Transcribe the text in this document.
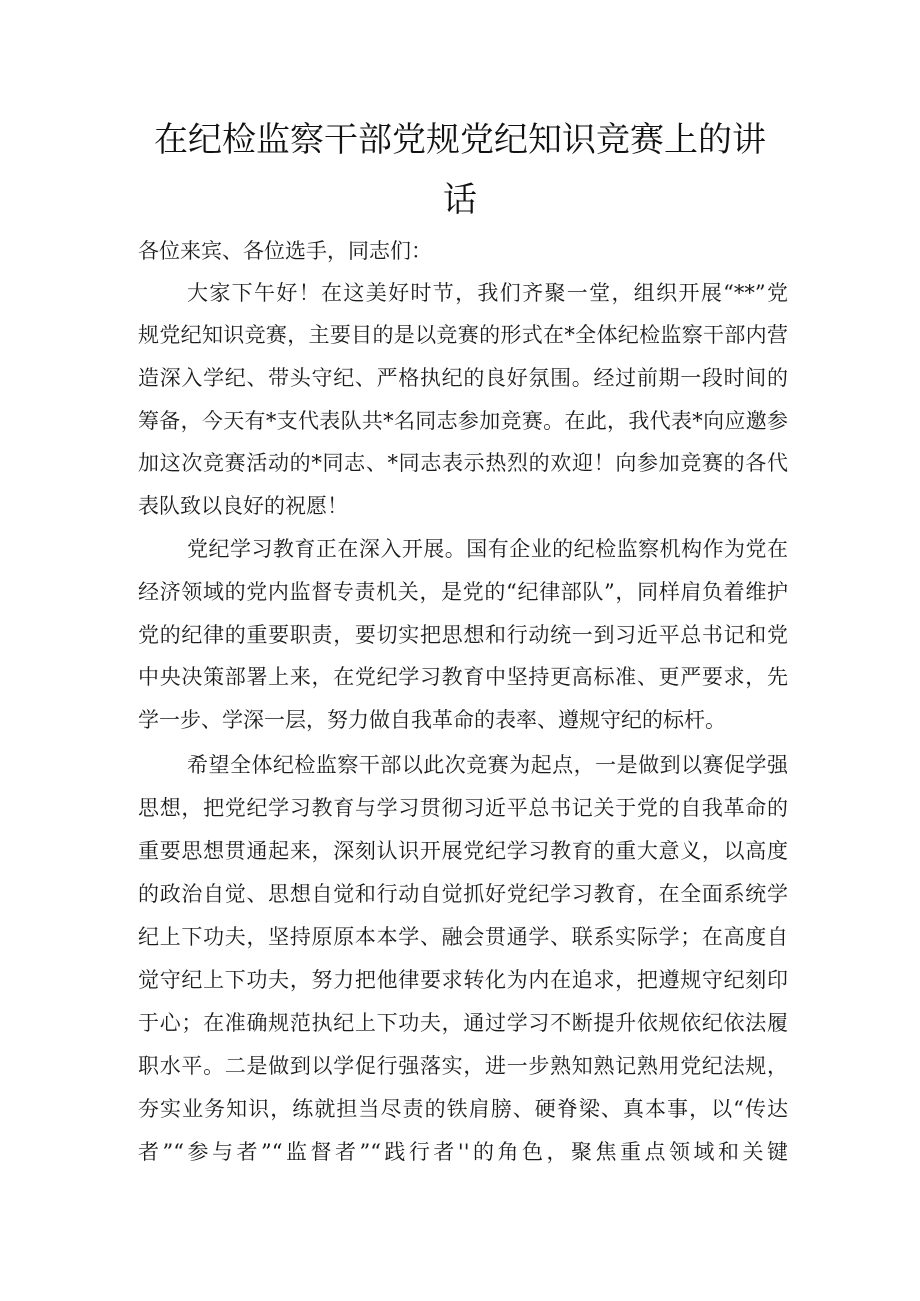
在纪检监察干部党规党纪知识竞赛上的讲
话
各位来宾、各位选手，同志们：
大家下午好！在这美好时节，我们齐聚一堂，组织开展“**”党
规党纪知识竞赛，主要目的是以竞赛的形式在*全体纪检监察干部内营
造深入学纪、带头守纪、严格执纪的良好氛围。经过前期一段时间的
筹备，今天有*支代表队共*名同志参加竞赛。在此，我代表*向应邀参
加这次竞赛活动的*同志、*同志表示热烈的欢迎！向参加竞赛的各代
表队致以良好的祝愿！
党纪学习教育正在深入开展。国有企业的纪检监察机构作为党在
经济领域的党内监督专责机关，是党的“纪律部队”，同样肩负着维护
党的纪律的重要职责，要切实把思想和行动统一到习近平总书记和党
中央决策部署上来，在党纪学习教育中坚持更高标准、更严要求，先
学一步、学深一层，努力做自我革命的表率、遵规守纪的标杆。
希望全体纪检监察干部以此次竞赛为起点，一是做到以赛促学强
思想，把党纪学习教育与学习贯彻习近平总书记关于党的自我革命的
重要思想贯通起来，深刻认识开展党纪学习教育的重大意义，以高度
的政治自觉、思想自觉和行动自觉抓好党纪学习教育，在全面系统学
纪上下功夫，坚持原原本本学、融会贯通学、联系实际学；在高度自
觉守纪上下功夫，努力把他律要求转化为内在追求，把遵规守纪刻印
于心；在准确规范执纪上下功夫，通过学习不断提升依规依纪依法履
职水平。二是做到以学促行强落实，进一步熟知熟记熟用党纪法规，
夯实业务知识，练就担当尽责的铁肩膀、硬脊梁、真本事，以“传达
者”“参与者”“监督者”“践行者''的角色，聚焦重点领域和关键
